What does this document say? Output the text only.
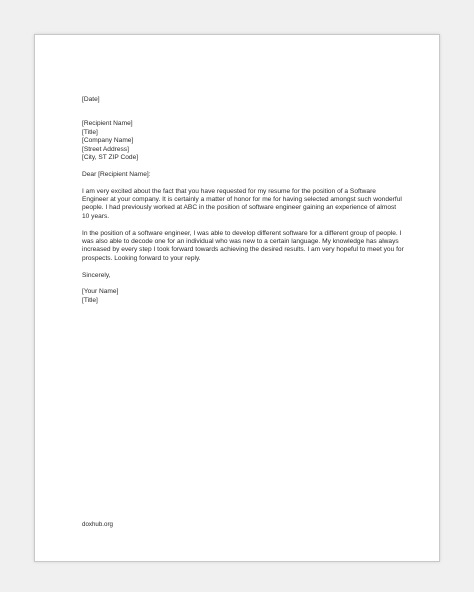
[Date]
[Recipient Name]
[Title]
[Company Name]
[Street Address]
[City, ST ZIP Code]
Dear [Recipient Name]:
I am very excited about the fact that you have requested for my resume for the position of a Software Engineer at your company. It is certainly a matter of honor for me for having selected amongst such wonderful people. I had previously worked at ABC in the position of software engineer gaining an experience of almost 10 years.
In the position of a software engineer, I was able to develop different software for a different group of people. I was also able to decode one for an individual who was new to a certain language. My knowledge has always increased by every step I took forward towards achieving the desired results. I am very hopeful to meet you for prospects. Looking forward to your reply.
Sincerely,
[Your Name]
[Title]
doxhub.org
